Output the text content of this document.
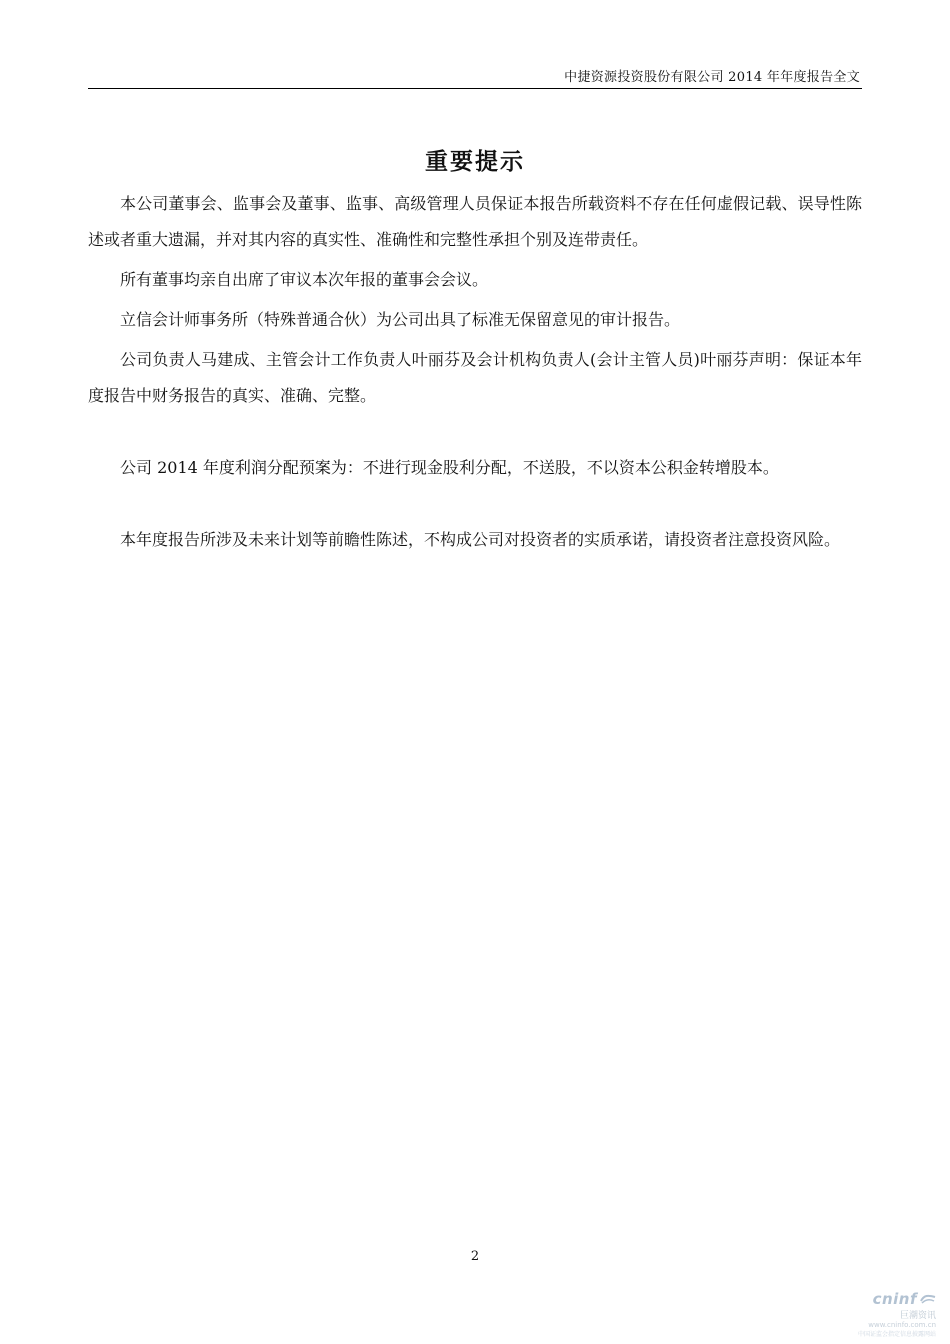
中捷资源投资股份有限公司 2014 年年度报告全文
重要提示

本公司董事会、监事会及董事、监事、高级管理人员保证本报告所载资料不存在任何虚假记载、误导性陈述或者重大遗漏，并对其内容的真实性、准确性和完整性承担个别及连带责任。

所有董事均亲自出席了审议本次年报的董事会会议。

立信会计师事务所（特殊普通合伙）为公司出具了标准无保留意见的审计报告。

公司负责人马建成、主管会计工作负责人叶丽芬及会计机构负责人(会计主管人员)叶丽芬声明：保证本年度报告中财务报告的真实、准确、完整。

公司 2014 年度利润分配预案为：不进行现金股利分配，不送股，不以资本公积金转增股本。

本年度报告所涉及未来计划等前瞻性陈述，不构成公司对投资者的实质承诺，请投资者注意投资风险。

2
cninf
巨潮资讯
www.cninfo.com.cn
中国证监会指定信息披露网站
